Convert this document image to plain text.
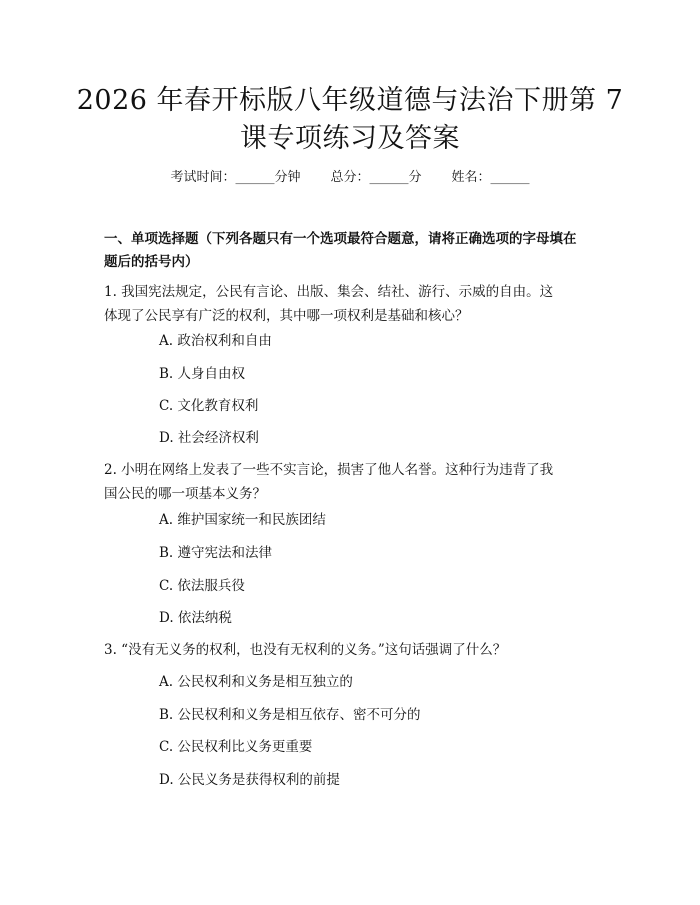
2026 年春开标版八年级道德与法治下册第 7
课专项练习及答案
考试时间：______分钟 总分：______分 姓名：______
一、单项选择题（下列各题只有一个选项最符合题意，请将正确选项的字母填在
题后的括号内）
1. 我国宪法规定，公民有言论、出版、集会、结社、游行、示威的自由。这
体现了公民享有广泛的权利，其中哪一项权利是基础和核心？
A. 政治权利和自由
B. 人身自由权
C. 文化教育权利
D. 社会经济权利
2. 小明在网络上发表了一些不实言论，损害了他人名誉。这种行为违背了我
国公民的哪一项基本义务？
A. 维护国家统一和民族团结
B. 遵守宪法和法律
C. 依法服兵役
D. 依法纳税
3. “没有无义务的权利，也没有无权利的义务。”这句话强调了什么？
A. 公民权利和义务是相互独立的
B. 公民权利和义务是相互依存、密不可分的
C. 公民权利比义务更重要
D. 公民义务是获得权利的前提
